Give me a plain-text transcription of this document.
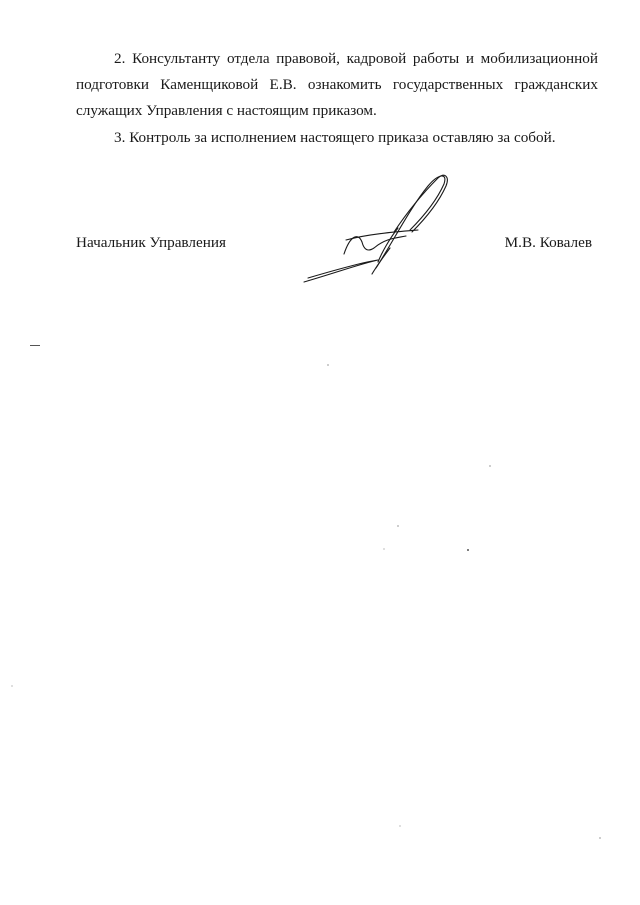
2. Консультанту отдела правовой, кадровой работы и мобилизационной подготовки Каменщиковой Е.В. ознакомить государственных гражданских служащих Управления с настоящим приказом.

3. Контроль за исполнением настоящего приказа оставляю за собой.

Начальник Управления	М.В. Ковалев
